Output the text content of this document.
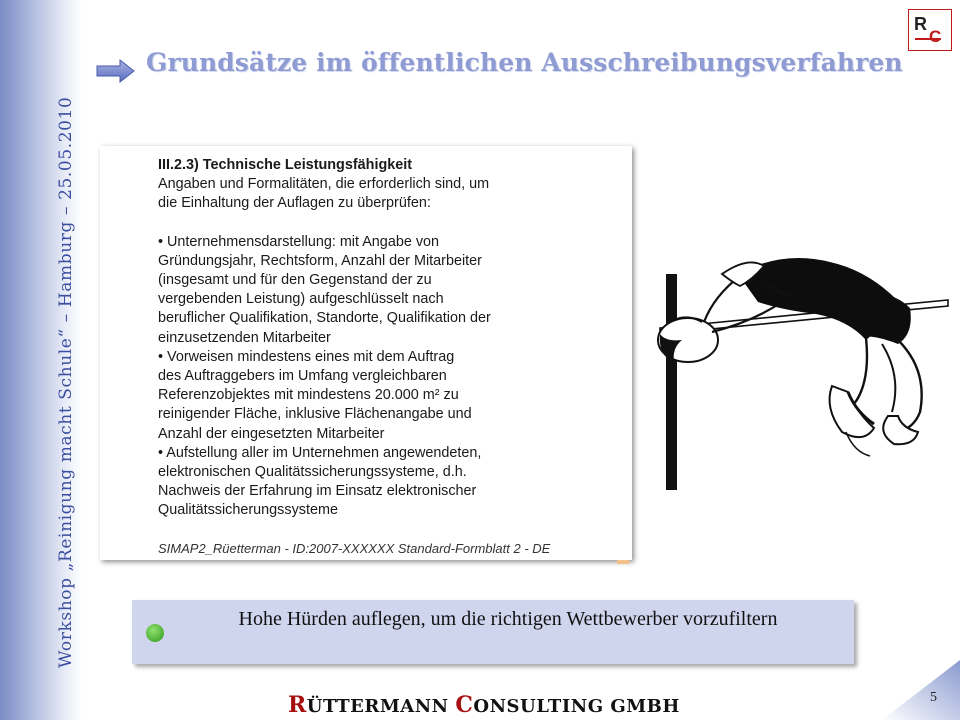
Workshop „Reinigung macht Schule“ – Hamburg – 25.05.2010
R
C
Grundsätze im öffentlichen Ausschreibungsverfahren
III.2.3) Technische Leistungsfähigkeit
Angaben und Formalitäten, die erforderlich sind, um
die Einhaltung der Auflagen zu überprüfen:
• Unternehmensdarstellung: mit Angabe von
Gründungsjahr, Rechtsform, Anzahl der Mitarbeiter
(insgesamt und für den Gegenstand der zu
vergebenden Leistung) aufgeschlüsselt nach
beruflicher Qualifikation, Standorte, Qualifikation der
einzusetzenden Mitarbeiter
• Vorweisen mindestens eines mit dem Auftrag
des Auftraggebers im Umfang vergleichbaren
Referenzobjektes mit mindestens 20.000 m² zu
reinigender Fläche, inklusive Flächenangabe und
Anzahl der eingesetzten Mitarbeiter
• Aufstellung aller im Unternehmen angewendeten,
elektronischen Qualitätssicherungssysteme, d.h.
Nachweis der Erfahrung im Einsatz elektronischer
Qualitätssicherungssysteme
SIMAP2_Rüetterman - ID:2007-XXXXXX Standard-Formblatt 2 - DE
Hohe Hürden auflegen, um die richtigen Wettbewerber vorzufiltern
RÜTTERMANN CONSULTING GMBH	5
